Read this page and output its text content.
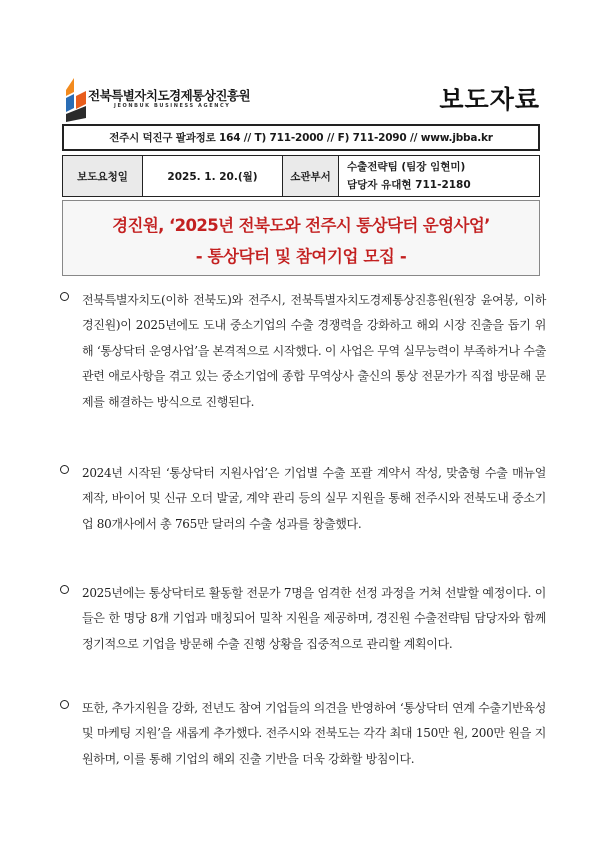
전북특별자치도경제통상진흥원
JEONBUK BUSINESS AGENCY	보도자료
전주시 덕진구 팔과정로 164 // T) 711-2000 // F) 711-2090 // www.jbba.kr
보도요청일	2025. 1. 20.(월)	소관부서	
수출전략팀 (팀장 임현미)
담당자 유대현 711-2180
경진원, ‘2025년 전북도와 전주시 통상닥터 운영사업’
- 통상닥터 및 참여기업 모집 -
전북특별자치도(이하 전북도)와 전주시, 전북특별자치도경제통상진흥원(원장 윤여봉, 이하 경진원)이 2025년에도 도내 중소기업의 수출 경쟁력을 강화하고 해외 시장 진출을 돕기 위해 ‘통상닥터 운영사업’을 본격적으로 시작했다. 이 사업은 무역 실무능력이 부족하거나 수출 관련 애로사항을 겪고 있는 중소기업에 종합 무역상사 출신의 통상 전문가가 직접 방문해 문제를 해결하는 방식으로 진행된다.
2024년 시작된 ‘통상닥터 지원사업’은 기업별 수출 포괄 계약서 작성, 맞춤형 수출 매뉴얼 제작, 바이어 및 신규 오더 발굴, 계약 관리 등의 실무 지원을 통해 전주시와 전북도내 중소기업 80개사에서 총 765만 달러의 수출 성과를 창출했다.
2025년에는 통상닥터로 활동할 전문가 7명을 엄격한 선정 과정을 거쳐 선발할 예정이다. 이들은 한 명당 8개 기업과 매칭되어 밀착 지원을 제공하며, 경진원 수출전략팀 담당자와 함께 정기적으로 기업을 방문해 수출 진행 상황을 집중적으로 관리할 계획이다.
또한, 추가지원을 강화, 전년도 참여 기업들의 의견을 반영하여 ‘통상닥터 연계 수출기반육성 및 마케팅 지원’을 새롭게 추가했다. 전주시와 전북도는 각각 최대 150만 원, 200만 원을 지원하며, 이를 통해 기업의 해외 진출 기반을 더욱 강화할 방침이다.
